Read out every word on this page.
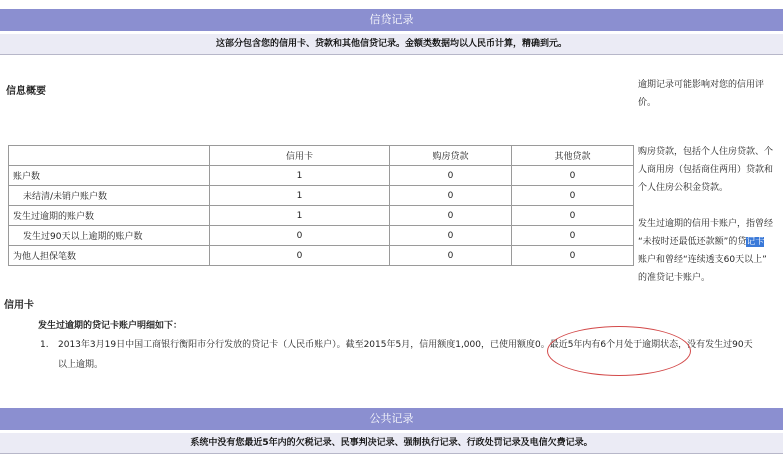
信贷记录
这部分包含您的信用卡、贷款和其他信贷记录。金额类数据均以人民币计算，精确到元。
信息概要
	信用卡	购房贷款	其他贷款
账户数	1	0	0
未结清/未销户账户数	1	0	0
发生过逾期的账户数	1	0	0
发生过90天以上逾期的账户数	0	0	0
为他人担保笔数	0	0	0
逾期记录可能影响对您的信用评
价。
购房贷款，包括个人住房贷款、个
人商用房（包括商住两用）贷款和
个人住房公积金贷款。
发生过逾期的信用卡账户，指曾经
“未按时还最低还款额”的贷记卡
账户和曾经“连续透支60天以上”
的准贷记卡账户。
信用卡
发生过逾期的贷记卡账户明细如下：
1. 2013年3月19日中国工商银行衡阳市分行发放的贷记卡（人民币账户）。截至2015年5月，信用额度1,000，已使用额度0。最近5年内有6个月处于逾期状态，没有发生过90天
以上逾期。
公共记录
系统中没有您最近5年内的欠税记录、民事判决记录、强制执行记录、行政处罚记录及电信欠费记录。
